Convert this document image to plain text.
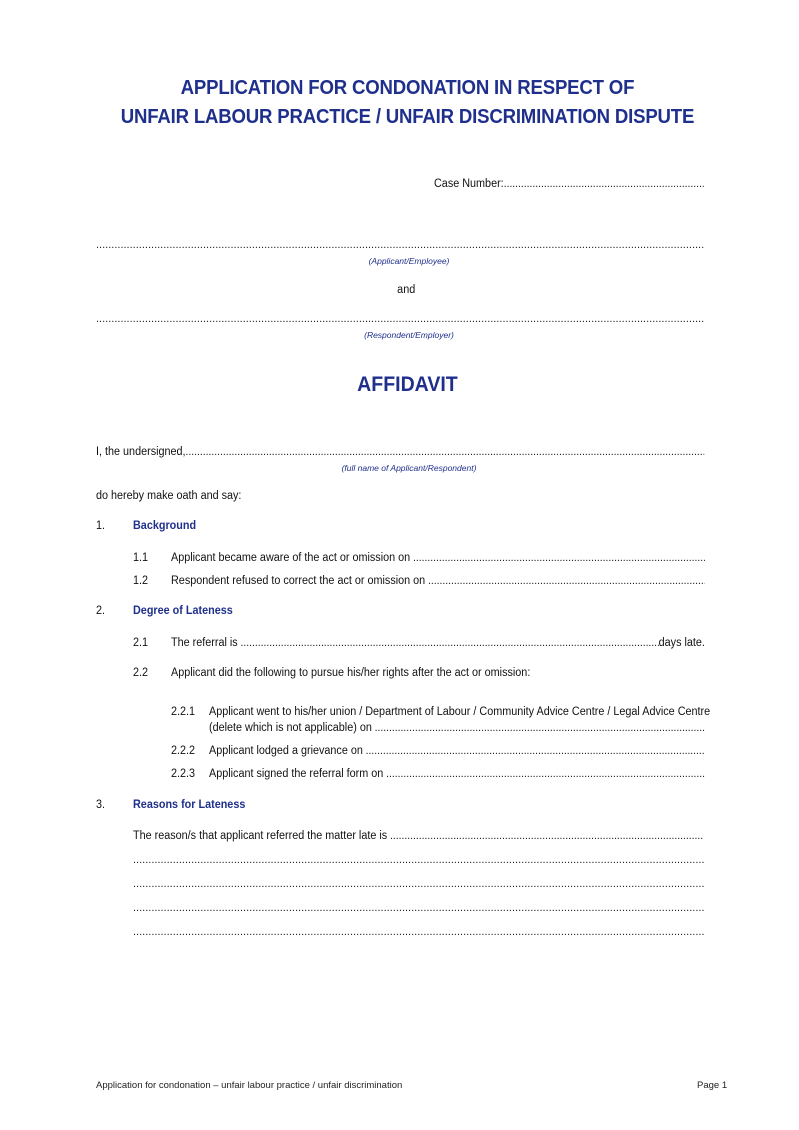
APPLICATION FOR CONDONATION IN RESPECT OF
UNFAIR LABOUR PRACTICE / UNFAIR DISCRIMINATION DISPUTE
Case Number:
.....
.....
(Applicant/Employee)
and
.....
(Respondent/Employer)
AFFIDAVIT
I, the undersigned,
.....
(full name of Applicant/Respondent)
do hereby make oath and say:
1. Background
1.1 Applicant became aware of the act or omission on
.....
1.2 Respondent refused to correct the act or omission on
.....
2. Degree of Lateness
2.1 The referral is
.....	days late.
2.2 Applicant did the following to pursue his/her rights after the act or omission:
2.2.1 Applicant went to his/her union / Department of Labour / Community Advice Centre / Legal Advice Centre
(delete which is not applicable) on
.....
2.2.2 Applicant lodged a grievance on
.....
2.2.3 Applicant signed the referral form on
.....
3. Reasons for Lateness
The reason/s that applicant referred the matter late is
.....
.....
.....
.....
.....
Application for condonation – unfair labour practice / unfair discrimination	Page 1
